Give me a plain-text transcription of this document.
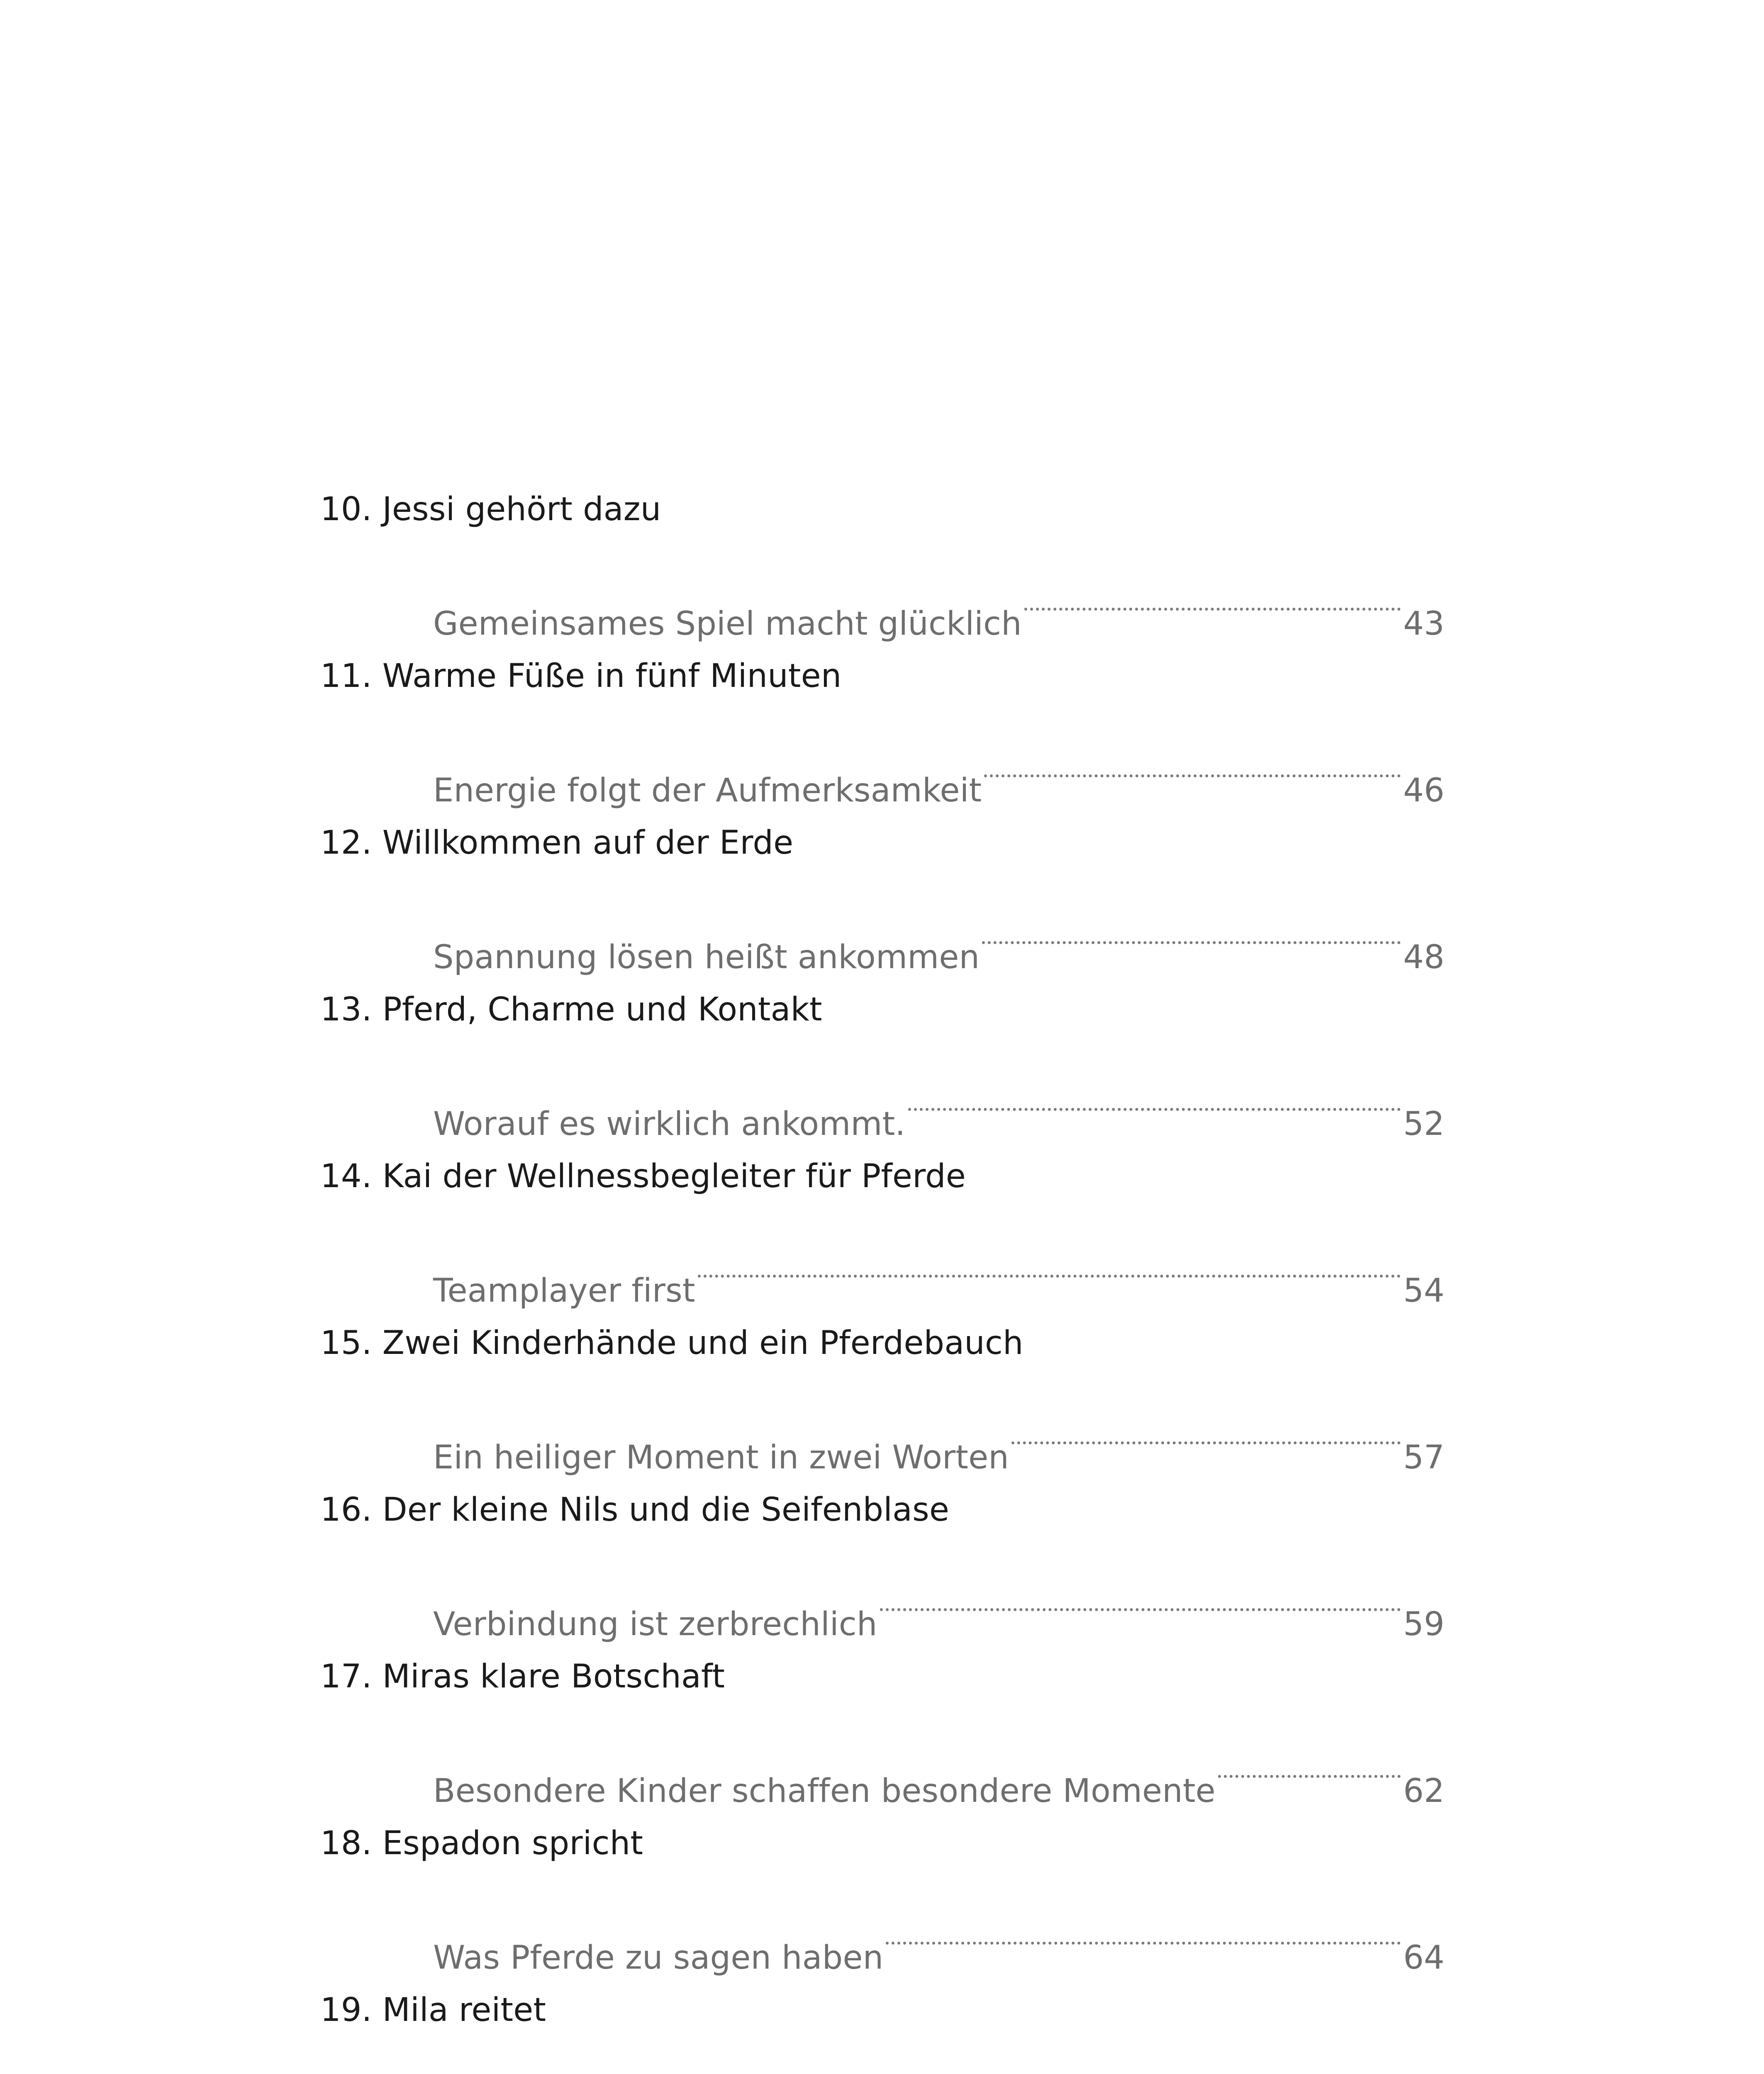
10. Jessi gehört dazu
Gemeinsames Spiel macht glücklich	43
11. Warme Füße in fünf Minuten
Energie folgt der Aufmerksamkeit	46
12. Willkommen auf der Erde
Spannung lösen heißt ankommen	48
13. Pferd, Charme und Kontakt
Worauf es wirklich ankommt.	52
14. Kai der Wellnessbegleiter für Pferde
Teamplayer first	54
15. Zwei Kinderhände und ein Pferdebauch
Ein heiliger Moment in zwei Worten	57
16. Der kleine Nils und die Seifenblase
Verbindung ist zerbrechlich	59
17. Miras klare Botschaft
Besondere Kinder schaffen besondere Momente	62
18. Espadon spricht
Was Pferde zu sagen haben	64
19. Mila reitet
